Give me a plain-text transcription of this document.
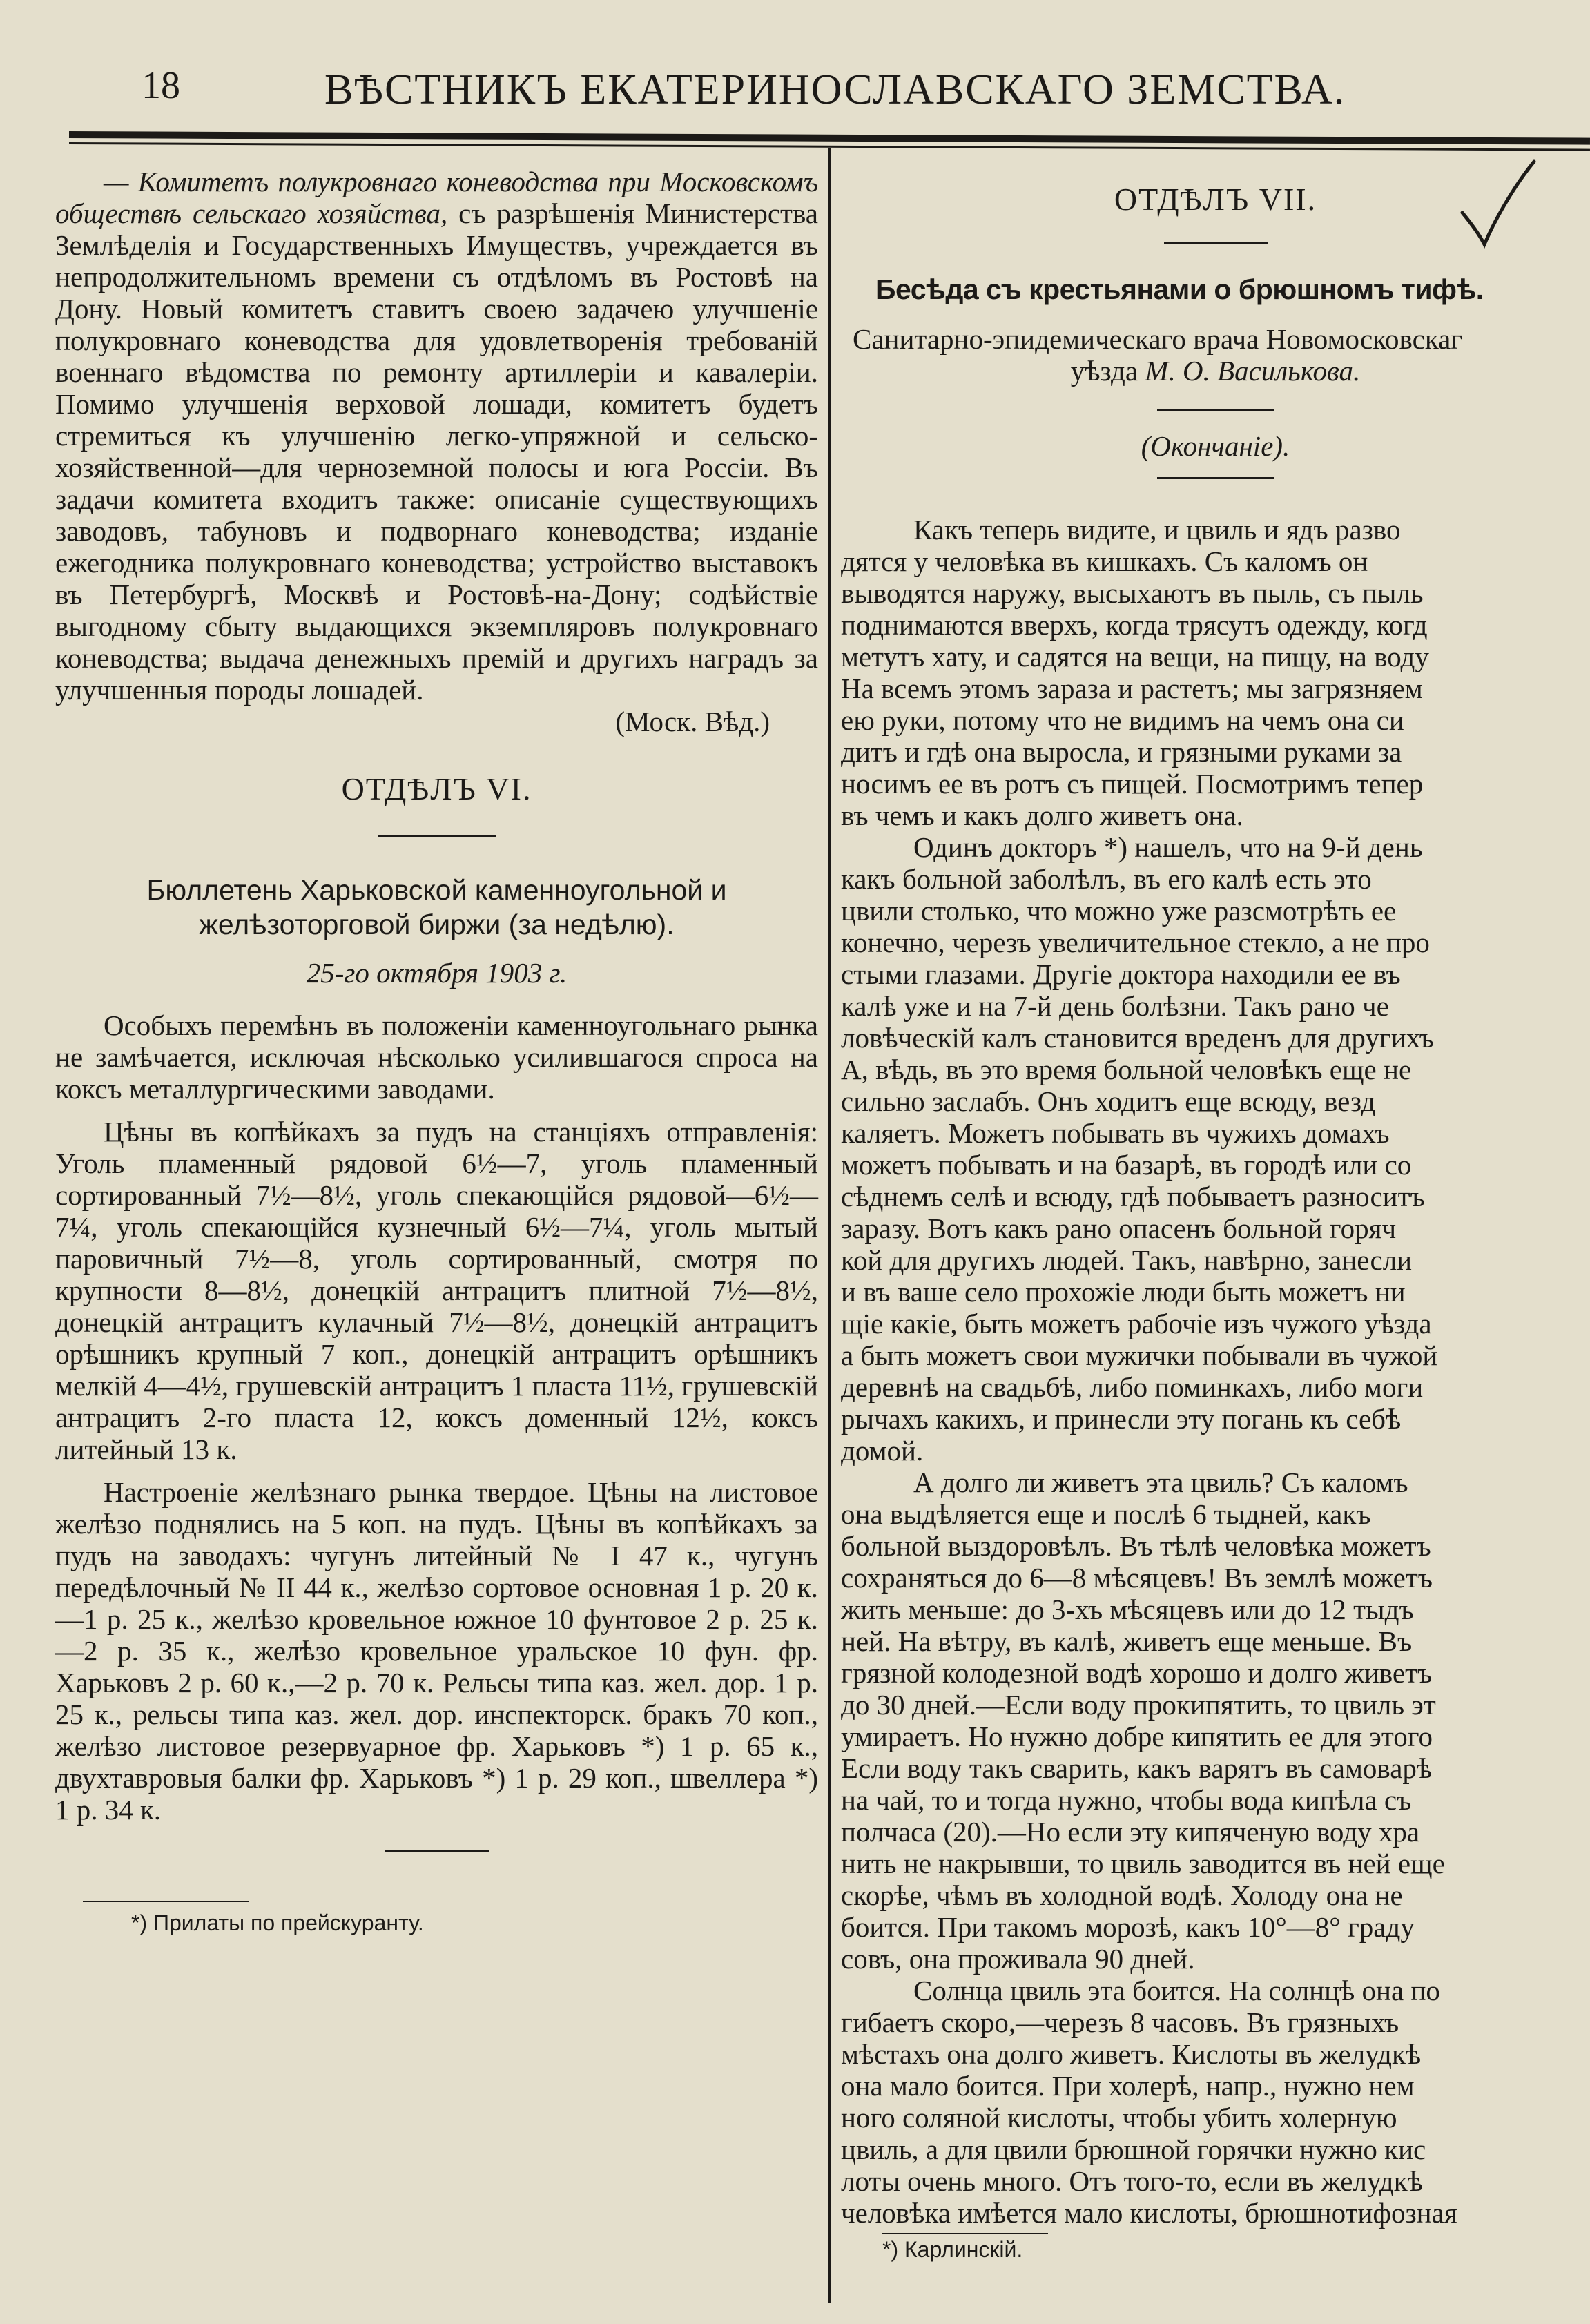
18	ВѢСТНИКЪ ЕКАТЕРИНОСЛАВСКАГО ЗЕМСТВА.

— Комитетъ полукровнаго коневодства при Московскомъ обществѣ сельскаго хозяйства, съ разрѣшенія Министерства Землѣделія и Государственныхъ Имуществъ, учреждается въ непродолжительномъ времени съ отдѣломъ въ Ростовѣ на Дону. Новый комитетъ ставитъ своею задачею улучшеніе полукровнаго коневодства для удовлетворенія требованій военнаго вѣдомства по ремонту артиллеріи и кавалеріи. Помимо улучшенія верховой лошади, комитетъ будетъ стремиться къ улучшенію легко-упряжной и сельско-хозяйственной—для черноземной полосы и юга Россіи. Въ задачи комитета входитъ также: описаніе существующихъ заводовъ, табуновъ и подворнаго коневодства; изданіе ежегодника полукровнаго коневодства; устройство выставокъ въ Петербургѣ, Москвѣ и Ростовѣ-на-Дону; содѣйствіе выгодному сбыту выдающихся экземпляровъ полукровнаго коневодства; выдача денежныхъ премій и другихъ наградъ за улучшенныя породы лошадей.

(Моск. Вѣд.)

ОТДѢЛЪ VI.

Бюллетень Харьковской каменноугольной и желѣзоторговой биржи (за недѣлю).

25-го октября 1903 г.

Особыхъ перемѣнъ въ положеніи каменноугольнаго рынка не замѣчается, исключая нѣсколько усилившагося спроса на коксъ металлургическими заводами.

Цѣны въ копѣйкахъ за пудъ на станціяхъ отправленія: Уголь пламенный рядовой 6½—7, уголь пламенный сортированный 7½—8½, уголь спекающійся рядовой—6½—7¼, уголь спекающійся кузнечный 6½—7¼, уголь мытый паровичный 7½—8, уголь сортированный, смотря по крупности 8—8½, донецкій антрацитъ плитной 7½—8½, донецкій антрацитъ кулачный 7½—8½, донецкій антрацитъ орѣшникъ крупный 7 коп., донецкій антрацитъ орѣшникъ мелкій 4—4½, грушевскій антрацитъ 1 пласта 11½, грушевскій антрацитъ 2-го пласта 12, коксъ доменный 12½, коксъ литейный 13 к.

Настроеніе желѣзнаго рынка твердое. Цѣны на листовое желѣзо поднялись на 5 коп. на пудъ. Цѣны въ копѣйкахъ за пудъ на заводахъ: чугунъ литейный № I 47 к., чугунъ передѣлочный № II 44 к., желѣзо сортовое основная 1 р. 20 к.—1 р. 25 к., желѣзо кровельное южное 10 фунтовое 2 р. 25 к.—2 р. 35 к., желѣзо кровельное уральское 10 фун. фр. Харьковъ 2 р. 60 к.,—2 р. 70 к. Рельсы типа каз. жел. дор. 1 р. 25 к., рельсы типа каз. жел. дор. инспекторск. бракъ 70 коп., желѣзо листовое резервуарное фр. Харьковъ *) 1 р. 65 к., двухтавровыя балки фр. Харьковъ *) 1 р. 29 коп., швеллера *) 1 р. 34 к.

*) Прилаты по прейскуранту.

ОТДѢЛЪ VII.

Бесѣда съ крестьянами о брюшномъ тифѣ.

Санитарно-эпидемическаго врача Новомосковскаг

уѣзда М. О. Василькова.

(Окончаніе).

Какъ теперь видите, и цвиль и ядъ разво
дятся у человѣка въ кишкахъ. Съ каломъ он
выводятся наружу, высыхаютъ въ пыль, съ пыль
поднимаются вверхъ, когда трясутъ одежду, когд
метутъ хату, и садятся на вещи, на пищу, на воду
На всемъ этомъ зараза и растетъ; мы загрязняем
ею руки, потому что не видимъ на чемъ она си
дитъ и гдѣ она выросла, и грязными руками за
носимъ ее въ ротъ съ пищей. Посмотримъ тепер
въ чемъ и какъ долго живетъ она.
Одинъ докторъ *) нашелъ, что на 9-й день
какъ больной заболѣлъ, въ его калѣ есть это
цвили столько, что можно уже разсмотрѣть ее
конечно, черезъ увеличительное стекло, а не про
стыми глазами. Другіе доктора находили ее въ
калѣ уже и на 7-й день болѣзни. Такъ рано че
ловѣческій калъ становится вреденъ для другихъ
А, вѣдь, въ это время больной человѣкъ еще не
сильно заслабъ. Онъ ходитъ еще всюду, везд
каляетъ. Можетъ побывать въ чужихъ домахъ
можетъ побывать и на базарѣ, въ городѣ или со
сѣднемъ селѣ и всюду, гдѣ побываетъ разноситъ
заразу. Вотъ какъ рано опасенъ больной горяч
кой для другихъ людей. Такъ, навѣрно, занесли
и въ ваше село прохожіе люди быть можетъ ни
щіе какіе, быть можетъ рабочіе изъ чужого уѣзда
а быть можетъ свои мужички побывали въ чужой
деревнѣ на свадьбѣ, либо поминкахъ, либо моги
рычахъ какихъ, и принесли эту погань къ себѣ
домой.
А долго ли живетъ эта цвиль? Съ каломъ
она выдѣляется еще и послѣ 6 тыдней, какъ
больной выздоровѣлъ. Въ тѣлѣ человѣка можетъ
сохраняться до 6—8 мѣсяцевъ! Въ землѣ можетъ
жить меньше: до 3-хъ мѣсяцевъ или до 12 тыдъ
ней. На вѣтру, въ калѣ, живетъ еще меньше. Въ
грязной колодезной водѣ хорошо и долго живетъ
до 30 дней.—Если воду прокипятить, то цвиль эт
умираетъ. Но нужно добре кипятить ее для этого
Если воду такъ сварить, какъ варятъ въ самоварѣ
на чай, то и тогда нужно, чтобы вода кипѣла съ
полчаса (20).—Но если эту кипяченую воду хра
нить не накрывши, то цвиль заводится въ ней еще
скорѣе, чѣмъ въ холодной водѣ. Холоду она не
боится. При такомъ морозѣ, какъ 10°—8° граду
совъ, она проживала 90 дней.
Солнца цвиль эта боится. На солнцѣ она по
гибаетъ скоро,—черезъ 8 часовъ. Въ грязныхъ
мѣстахъ она долго живетъ. Кислоты въ желудкѣ
она мало боится. При холерѣ, напр., нужно нем
ного соляной кислоты, чтобы убить холерную
цвиль, а для цвили брюшной горячки нужно кис
лоты очень много. Отъ того-то, если въ желудкѣ
человѣка имѣется мало кислоты, брюшнотифозная

*) Карлинскій.
